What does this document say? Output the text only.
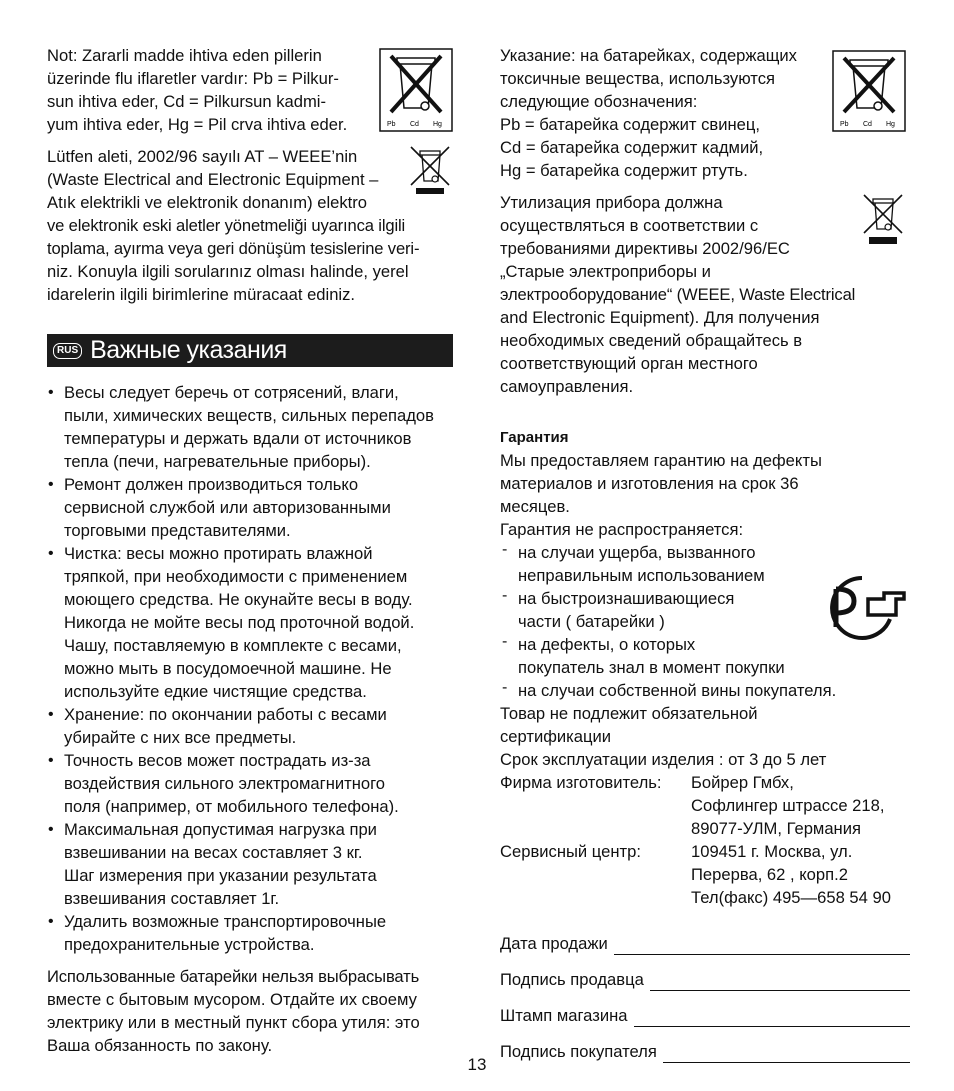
Not: Zararli madde ihtiva eden pillerin
üzerinde flu iflaretler vardır: Pb = Pilkur-
sun ihtiva eder, Cd = Pilkursun kadmi-
yum ihtiva eder, Hg = Pil crva ihtiva eder.	Pb Cd Hg
Lütfen aleti, 2002/96 sayılı AT – WEEE’nin
(Waste Electrical and Electronic Equipment –
Atık elektrikli ve elektronik donanım) elektro
ve elektronik eski aletler yönetmeliği uyarınca ilgili
toplama, ayırma veya geri dönüşüm tesislerine veri-
niz. Konuyla ilgili sorularınız olması halinde, yerel
idarelerin ilgili birimlerine müracaat ediniz.
RUS Важные указания
• Весы следует беречь от сотрясений, влаги,
пыли, химических веществ, сильных перепадов
температуры и держать вдали от источников
тепла (печи, нагревательные приборы).
• Ремонт должен производиться только
сервисной службой или авторизованными
торговыми представителями.
• Чистка: весы можно протирать влажной
тряпкой, при необходимости с применением
моющего средства. Не окунайте весы в воду.
Никогда не мойте весы под проточной водой.
Чашу, поставляемую в комплекте с весами,
можно мыть в посудомоечной машине. Не
используйте едкие чистящие средства.
• Хранение: по окончании работы с весами
убирайте с них все предметы.
• Точность весов может пострадать из-за
воздействия сильного электромагнитного
поля (например, от мобильного телефона).
• Максимальная допустимая нагрузка при
взвешивании на весах составляет 3 кг.
Шаг измерения при указании результата
взвешивания составляет 1г.
• Удалить возможные транспортировочные
предохранительные устройства.
Использованные батарейки нельзя выбрасывать
вместе с бытовым мусором. Отдайте их своему
электрику или в местный пункт сбора утиля: это
Ваша обязанность по закону.
Указание: на батарейках, содержащих
токсичные вещества, используются
следующие обозначения:
Pb = батарейка содержит свинец,
Cd = батарейка содержит кадмий,
Hg = батарейка содержит ртуть.
Pb Cd Hg
Утилизация прибора должна
осуществляться в соответствии с
требованиями директивы 2002/96/EC
„Старые электроприборы и
электрооборудование“ (WEEE, Waste Electrical
and Electronic Equipment). Для получения
необходимых сведений обращайтесь в
соответствующий орган местного
самоуправления.
Гарантия
Мы предоставляем гарантию на дефекты
материалов и изготовления на срок 36
месяцев.
Гарантия не распространяется:
- на случаи ущерба, вызванного
неправильным использованием
- на быстроизнашивающиеся
части ( батарейки )
- на дефекты, о которых
покупатель знал в момент покупки
- на случаи собственной вины покупателя.
РСТ
Товар не подлежит обязательной
сертификации
Срок эксплуатации изделия : от 3 до 5 лет
Фирма изготовитель:	Бойрер Гмбх,
Софлингер штрассе 218,
89077-УЛМ, Германия
Сервисный центр:	109451 г. Москва, ул.
Перерва, 62 , корп.2
Тел(факс) 495—658 54 90
Дата продажи
Подпись продавца
Штамп магазина
Подпись покупателя
13
